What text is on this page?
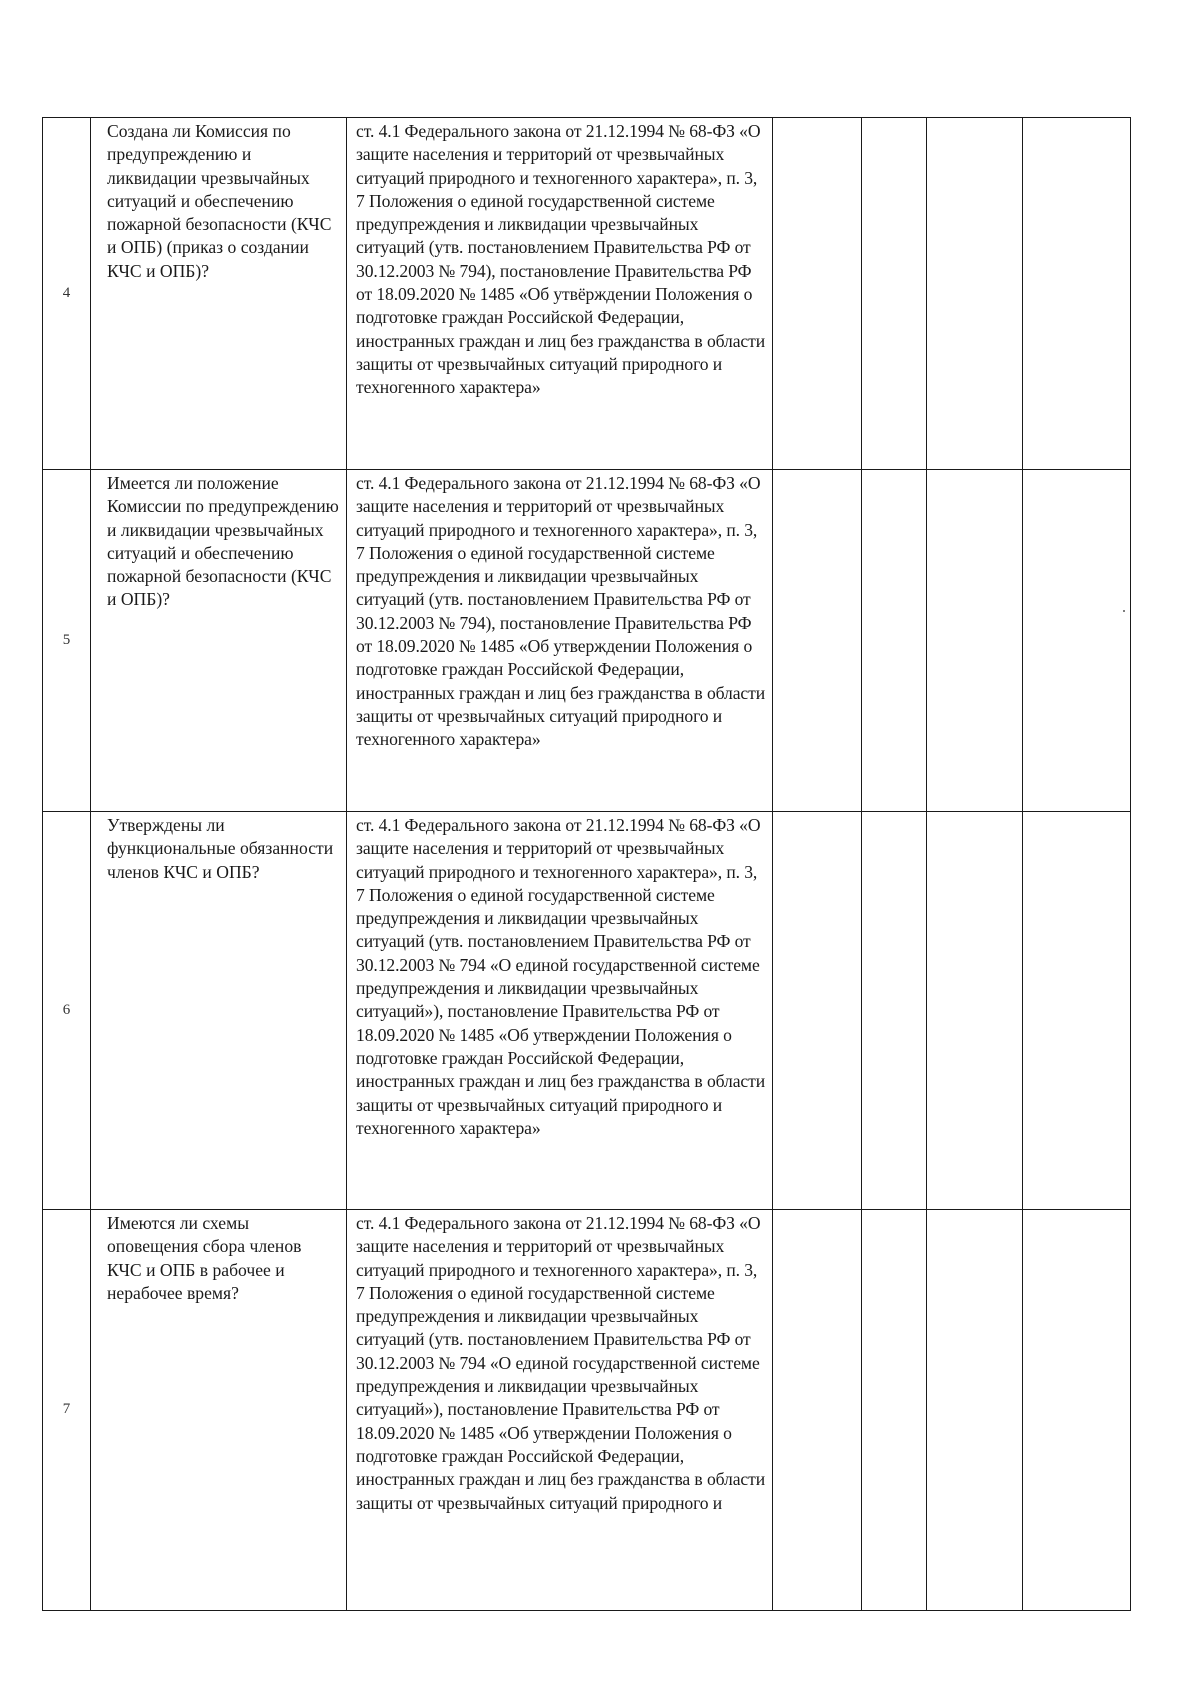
4	Создана ли Комиссия по предупреждению и ликвидации чрезвычайных ситуаций и обеспечению пожарной безопасности (КЧС и ОПБ) (приказ о создании КЧС и ОПБ)?	ст. 4.1 Федерального закона от 21.12.1994 № 68-ФЗ «О защите населения и территорий от чрезвычайных ситуаций природного и техногенного характера», п. 3, 7 Положения о единой государственной системе предупреждения и ликвидации чрезвычайных ситуаций (утв. постановлением Правительства РФ от 30.12.2003 № 794), постановление Правительства РФ от 18.09.2020 № 1485 «Об утвёрждении Положения о подготовке граждан Российской Федерации, иностранных граждан и лиц без гражданства в области защиты от чрезвычайных ситуаций природного и техногенного характера»				

5	Имеется ли положение Комиссии по предупреждению и ликвидации чрезвычайных ситуаций и обеспечению пожарной безопасности (КЧС и ОПБ)?	ст. 4.1 Федерального закона от 21.12.1994 № 68-ФЗ «О защите населения и территорий от чрезвычайных ситуаций природного и техногенного характера», п. 3, 7 Положения о единой государственной системе предупреждения и ликвидации чрезвычайных ситуаций (утв. постановлением Правительства РФ от 30.12.2003 № 794), постановление Правительства РФ от 18.09.2020 № 1485 «Об утверждении Положения о подготовке граждан Российской Федерации, иностранных граждан и лиц без гражданства в области защиты от чрезвычайных ситуаций природного и техногенного характера»				

6	Утверждены ли функциональные обязанности членов КЧС и ОПБ?	ст. 4.1 Федерального закона от 21.12.1994 № 68-ФЗ «О защите населения и территорий от чрезвычайных ситуаций природного и техногенного характера», п. 3, 7 Положения о единой государственной системе предупреждения и ликвидации чрезвычайных ситуаций (утв. постановлением Правительства РФ от 30.12.2003 № 794 «О единой государственной системе предупреждения и ликвидации чрезвычайных ситуаций»), постановление Правительства РФ от 18.09.2020 № 1485 «Об утверждении Положения о подготовке граждан Российской Федерации, иностранных граждан и лиц без гражданства в области защиты от чрезвычайных ситуаций природного и техногенного характера»				

7	Имеются ли схемы оповещения сбора членов КЧС и ОПБ в рабочее и нерабочее время?	ст. 4.1 Федерального закона от 21.12.1994 № 68-ФЗ «О защите населения и территорий от чрезвычайных ситуаций природного и техногенного характера», п. 3, 7 Положения о единой государственной системе предупреждения и ликвидации чрезвычайных ситуаций (утв. постановлением Правительства РФ от 30.12.2003 № 794 «О единой государственной системе предупреждения и ликвидации чрезвычайных ситуаций»), постановление Правительства РФ от 18.09.2020 № 1485 «Об утверждении Положения о подготовке граждан Российской Федерации, иностранных граждан и лиц без гражданства в области защиты от чрезвычайных ситуаций природного и				
